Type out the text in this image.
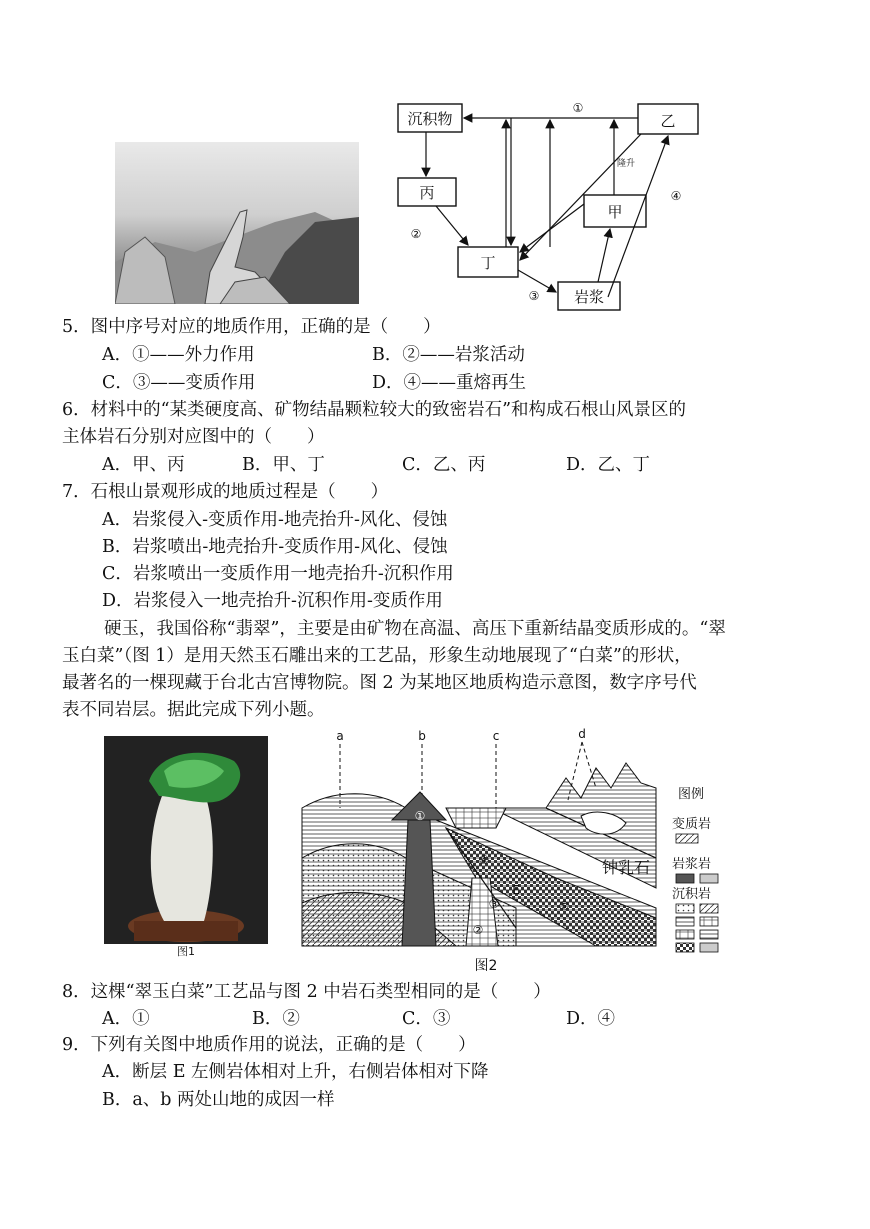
沉积物	乙
丙
甲
丁
岩浆
①
②
③
④
隆升
5．图中序号对应的地质作用，正确的是（　　）
A．①——外力作用	B．②——岩浆活动
C．③——变质作用	D．④——重熔再生
6．材料中的“某类硬度高、矿物结晶颗粒较大的致密岩石”和构成石根山风景区的
主体岩石分别对应图中的（　　）
A．甲、丙	B．甲、丁	C．乙、丙	D．乙、丁
7．石根山景观形成的地质过程是（　　）
A．岩浆侵入-变质作用-地壳抬升-风化、侵蚀
B．岩浆喷出-地壳抬升-变质作用-风化、侵蚀
C．岩浆喷出一变质作用一地壳抬升-沉积作用
D．岩浆侵入一地壳抬升-沉积作用-变质作用
硬玉，我国俗称“翡翠”，主要是由矿物在高温、高压下重新结晶变质形成的。“翠
玉白菜”（图 1）是用天然玉石雕出来的工艺品，形象生动地展现了“白菜”的形状，
最著名的一棵现藏于台北古宫博物院。图 2 为某地区地质构造示意图，数字序号代
表不同岩层。据此完成下列小题。
图1
a	b	c	d
①
②
③
④
⑤
E
钟乳石
图例
变质岩
岩浆岩
沉积岩
图2
8．这棵“翠玉白菜”工艺品与图 2 中岩石类型相同的是（　　）
A．①	B．②	C．③	D．④
9．下列有关图中地质作用的说法，正确的是（　　）
A．断层 E 左侧岩体相对上升，右侧岩体相对下降
B．a、b 两处山地的成因一样
